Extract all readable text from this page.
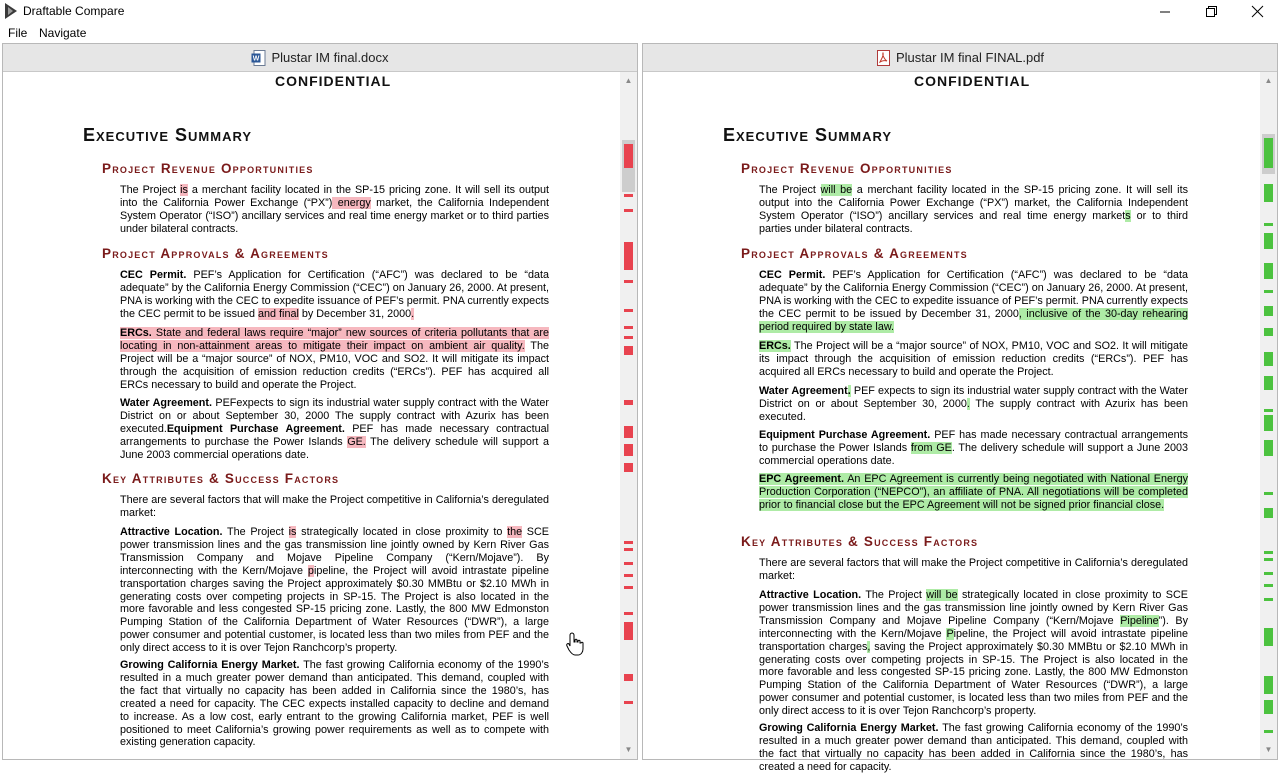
Draftable Compare
File Navigate
W Plustar IM final.docx
CONFIDENTIAL
Executive Summary
Project Revenue Opportunities
The Project is a merchant facility located in the SP-15 pricing zone. It will sell its output into the California Power Exchange (“PX”) energy market, the California Independent System Operator (“ISO”) ancillary services and real time energy market or to third parties under bilateral contracts.
Project Approvals & Agreements
CEC Permit. PEF’s Application for Certification (“AFC”) was declared to be “data adequate” by the California Energy Commission (“CEC”) on January 26, 2000. At present, PNA is working with the CEC to expedite issuance of PEF’s permit. PNA currently expects the CEC permit to be issued and final by December 31, 2000.
ERCs. State and federal laws require “major” new sources of criteria pollutants that are locating in non-attainment areas to mitigate their impact on ambient air quality. The Project will be a “major source” of NOX, PM10, VOC and SO2. It will mitigate its impact through the acquisition of emission reduction credits (“ERCs”). PEF has acquired all ERCs necessary to build and operate the Project.
Water Agreement. PEFexpects to sign its industrial water supply contract with the Water District on or about September 30, 2000 The supply contract with Azurix has been executed.Equipment Purchase Agreement. PEF has made necessary contractual arrangements to purchase the Power Islands GE. The delivery schedule will support a June 2003 commercial operations date.
Key Attributes & Success Factors
There are several factors that will make the Project competitive in California’s deregulated market:
Attractive Location. The Project is strategically located in close proximity to the SCE power transmission lines and the gas transmission line jointly owned by Kern River Gas Transmission Company and Mojave Pipeline Company (“Kern/Mojave”). By interconnecting with the Kern/Mojave pipeline, the Project will avoid intrastate pipeline transportation charges saving the Project approximately $0.30 MMBtu or $2.10 MWh in generating costs over competing projects in SP-15. The Project is also located in the more favorable and less congested SP-15 pricing zone. Lastly, the 800 MW Edmonston Pumping Station of the California Department of Water Resources (“DWR”), a large power consumer and potential customer, is located less than two miles from PEF and the only direct access to it is over Tejon Ranchcorp’s property.
Growing California Energy Market. The fast growing California economy of the 1990’s resulted in a much greater power demand than anticipated. This demand, coupled with the fact that virtually no capacity has been added in California since the 1980’s, has created a need for capacity. The CEC expects installed capacity to decline and demand to increase. As a low cost, early entrant to the growing California market, PEF is well positioned to meet California’s growing power requirements as well as to compete with existing generation capacity.
▲
▼
Plustar IM final FINAL.pdf
CONFIDENTIAL
Executive Summary
Project Revenue Opportunities
The Project will be a merchant facility located in the SP-15 pricing zone. It will sell its output into the California Power Exchange (“PX”) market, the California Independent System Operator (“ISO”) ancillary services and real time energy markets or to third parties under bilateral contracts.
Project Approvals & Agreements
CEC Permit. PEF’s Application for Certification (“AFC”) was declared to be “data adequate” by the California Energy Commission (“CEC”) on January 26, 2000. At present, PNA is working with the CEC to expedite issuance of PEF’s permit. PNA currently expects the CEC permit to be issued by December 31, 2000, inclusive of the 30-day rehearing period required by state law.
ERCs. The Project will be a “major source” of NOX, PM10, VOC and SO2. It will mitigate its impact through the acquisition of emission reduction credits (“ERCs”). PEF has acquired all ERCs necessary to build and operate the Project.
Water Agreement. PEF expects to sign its industrial water supply contract with the Water District on or about September 30, 2000. The supply contract with Azurix has been executed.
Equipment Purchase Agreement. PEF has made necessary contractual arrangements to purchase the Power Islands from GE. The delivery schedule will support a June 2003 commercial operations date.
EPC Agreement. An EPC Agreement is currently being negotiated with National Energy Production Corporation (“NEPCO”), an affiliate of PNA. All negotiations will be completed prior to financial close but the EPC Agreement will not be signed prior financial close.
Key Attributes & Success Factors
There are several factors that will make the Project competitive in California’s deregulated market:
Attractive Location. The Project will be strategically located in close proximity to SCE power transmission lines and the gas transmission line jointly owned by Kern River Gas Transmission Company and Mojave Pipeline Company (“Kern/Mojave Pipeline”). By interconnecting with the Kern/Mojave Pipeline, the Project will avoid intrastate pipeline transportation charges, saving the Project approximately $0.30 MMBtu or $2.10 MWh in generating costs over competing projects in SP-15. The Project is also located in the more favorable and less congested SP-15 pricing zone. Lastly, the 800 MW Edmonston Pumping Station of the California Department of Water Resources (“DWR”), a large power consumer and potential customer, is located less than two miles from PEF and the only direct access to it is over Tejon Ranchcorp’s property.
Growing California Energy Market. The fast growing California economy of the 1990’s resulted in a much greater power demand than anticipated. This demand, coupled with the fact that virtually no capacity has been added in California since the 1980’s, has created a need for capacity.
▲
▼
